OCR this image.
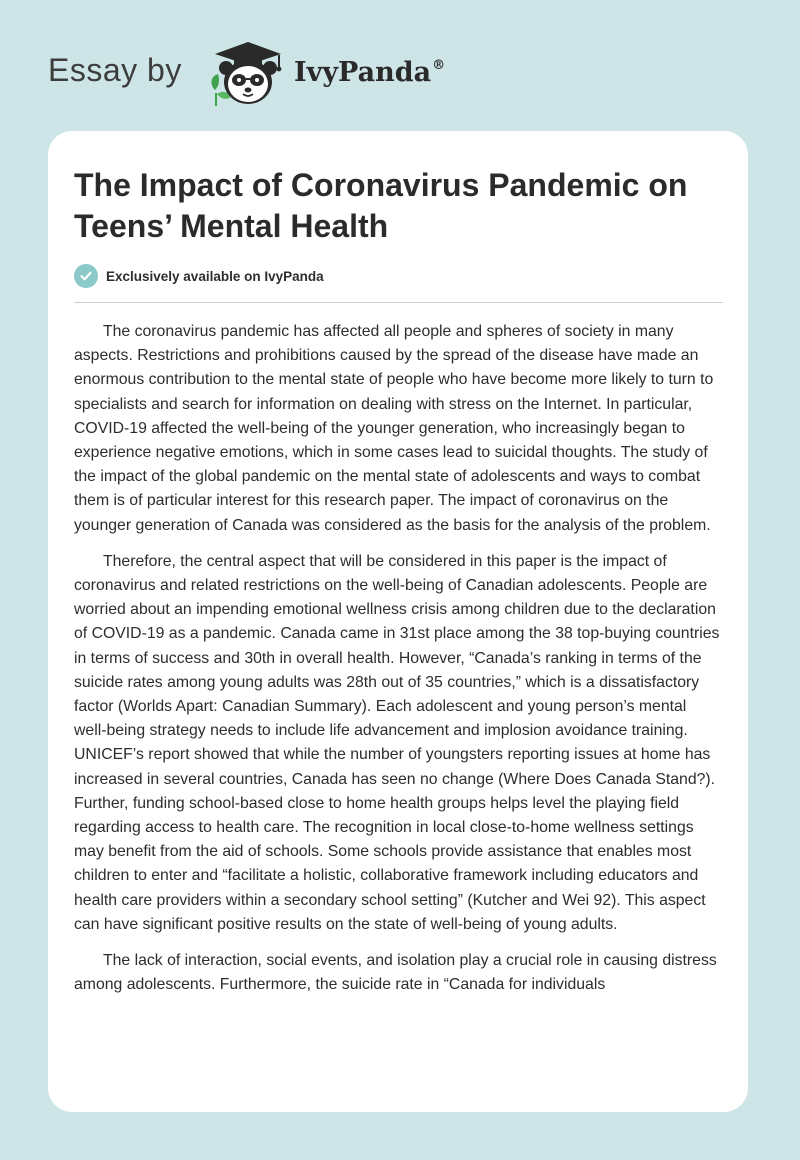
Essay by	IvyPanda®
The Impact of Coronavirus Pandemic on Teens’ Mental Health
Exclusively available on IvyPanda

The coronavirus pandemic has affected all people and spheres of society in many aspects. Restrictions and prohibitions caused by the spread of the disease have made an enormous contribution to the mental state of people who have become more likely to turn to specialists and search for information on dealing with stress on the Internet. In particular, COVID-19 affected the well-being of the younger generation, who increasingly began to experience negative emotions, which in some cases lead to suicidal thoughts. The study of the impact of the global pandemic on the mental state of adolescents and ways to combat them is of particular interest for this research paper. The impact of coronavirus on the younger generation of Canada was considered as the basis for the analysis of the problem.

Therefore, the central aspect that will be considered in this paper is the impact of coronavirus and related restrictions on the well-being of Canadian adolescents. People are worried about an impending emotional wellness crisis among children due to the declaration of COVID-19 as a pandemic. Canada came in 31st place among the 38 top-buying countries in terms of success and 30th in overall health. However, “Canada’s ranking in terms of the suicide rates among young adults was 28th out of 35 countries,” which is a dissatisfactory factor (Worlds Apart: Canadian Summary). Each adolescent and young person’s mental well-being strategy needs to include life advancement and implosion avoidance training. UNICEF’s report showed that while the number of youngsters reporting issues at home has increased in several countries, Canada has seen no change (Where Does Canada Stand?). Further, funding school-based close to home health groups helps level the playing field regarding access to health care. The recognition in local close-to-home wellness settings may benefit from the aid of schools. Some schools provide assistance that enables most children to enter and “facilitate a holistic, collaborative framework including educators and health care providers within a secondary school setting” (Kutcher and Wei 92). This aspect can have significant positive results on the state of well-being of young adults.

The lack of interaction, social events, and isolation play a crucial role in causing distress among adolescents. Furthermore, the suicide rate in “Canada for individuals
